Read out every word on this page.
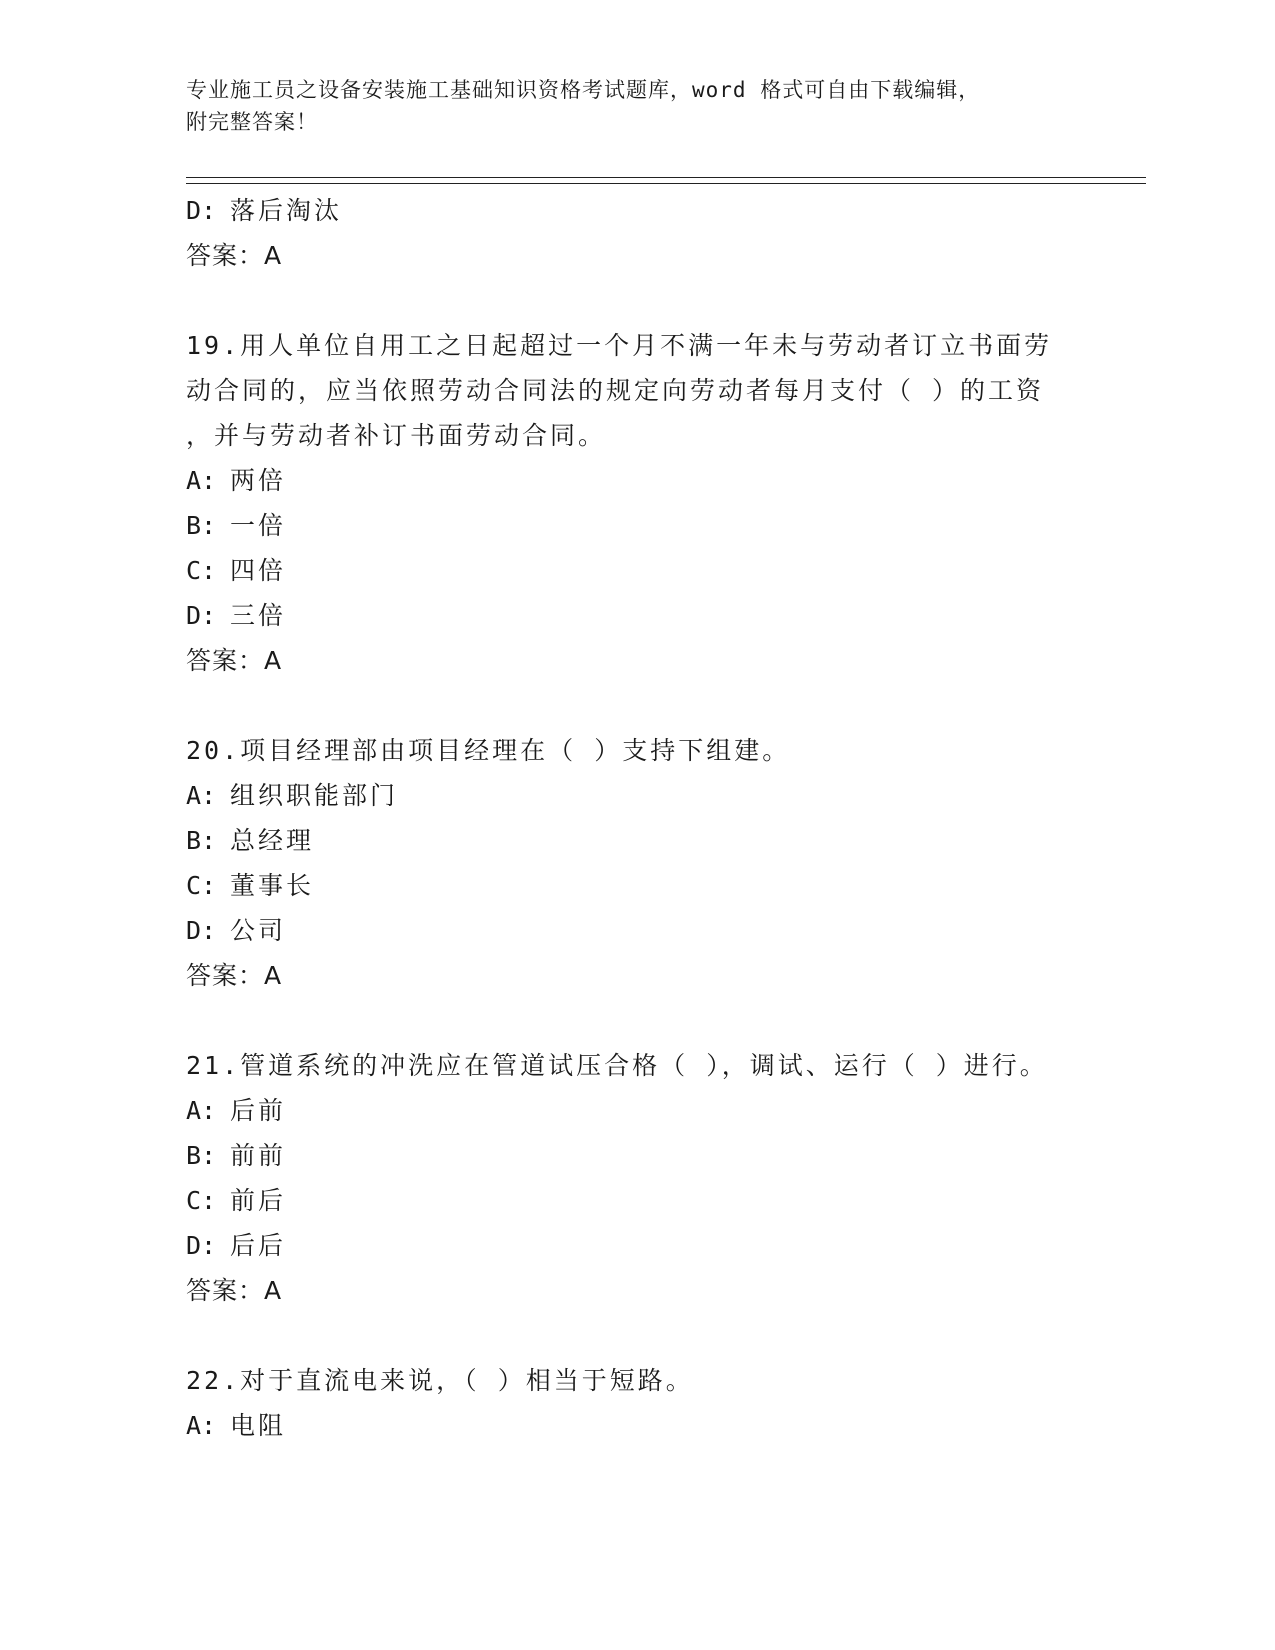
专业施工员之设备安装施工基础知识资格考试题库，word 格式可自由下载编辑，
附完整答案！
D: 落后淘汰
答案：A
19.用人单位自用工之日起超过一个月不满一年未与劳动者订立书面劳
动合同的，应当依照劳动合同法的规定向劳动者每月支付（ ）的工资
，并与劳动者补订书面劳动合同。
A: 两倍
B: 一倍
C: 四倍
D: 三倍
答案：A
20.项目经理部由项目经理在（ ）支持下组建。
A: 组织职能部门
B: 总经理
C: 董事长
D: 公司
答案：A
21.管道系统的冲洗应在管道试压合格（ ），调试、运行（ ）进行。
A: 后前
B: 前前
C: 前后
D: 后后
答案：A
22.对于直流电来说，（ ）相当于短路。
A: 电阻
